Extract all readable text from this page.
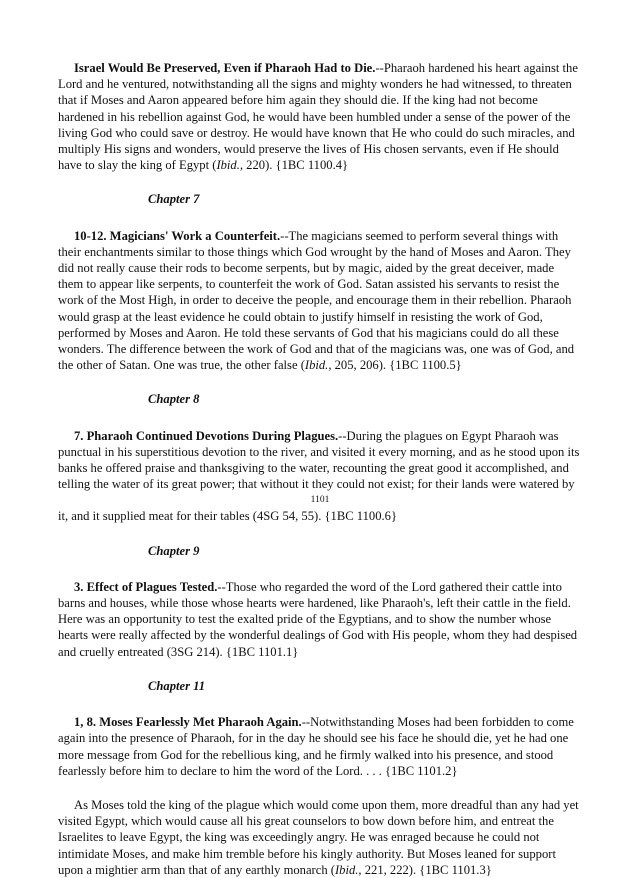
Israel Would Be Preserved, Even if Pharaoh Had to Die.--Pharaoh hardened his heart against the Lord and he ventured, notwithstanding all the signs and mighty wonders he had witnessed, to threaten that if Moses and Aaron appeared before him again they should die. If the king had not become hardened in his rebellion against God, he would have been humbled under a sense of the power of the living God who could save or destroy. He would have known that He who could do such miracles, and multiply His signs and wonders, would preserve the lives of His chosen servants, even if He should have to slay the king of Egypt (Ibid., 220). {1BC 1100.4}

Chapter 7

10-12. Magicians' Work a Counterfeit.--The magicians seemed to perform several things with their enchantments similar to those things which God wrought by the hand of Moses and Aaron. They did not really cause their rods to become serpents, but by magic, aided by the great deceiver, made them to appear like serpents, to counterfeit the work of God. Satan assisted his servants to resist the work of the Most High, in order to deceive the people, and encourage them in their rebellion. Pharaoh would grasp at the least evidence he could obtain to justify himself in resisting the work of God, performed by Moses and Aaron. He told these servants of God that his magicians could do all these wonders. The difference between the work of God and that of the magicians was, one was of God, and the other of Satan. One was true, the other false (Ibid., 205, 206). {1BC 1100.5}

Chapter 8

7. Pharaoh Continued Devotions During Plagues.--During the plagues on Egypt Pharaoh was punctual in his superstitious devotion to the river, and visited it every morning, and as he stood upon its banks he offered praise and thanksgiving to the water, recounting the great good it accomplished, and telling the water of its great power; that without it they could not exist; for their lands were watered by

1101

it, and it supplied meat for their tables (4SG 54, 55). {1BC 1100.6}

Chapter 9

3. Effect of Plagues Tested.--Those who regarded the word of the Lord gathered their cattle into barns and houses, while those whose hearts were hardened, like Pharaoh's, left their cattle in the field. Here was an opportunity to test the exalted pride of the Egyptians, and to show the number whose hearts were really affected by the wonderful dealings of God with His people, whom they had despised and cruelly entreated (3SG 214). {1BC 1101.1}

Chapter 11

1, 8. Moses Fearlessly Met Pharaoh Again.--Notwithstanding Moses had been forbidden to come again into the presence of Pharaoh, for in the day he should see his face he should die, yet he had one more message from God for the rebellious king, and he firmly walked into his presence, and stood fearlessly before him to declare to him the word of the Lord. . . . {1BC 1101.2}

As Moses told the king of the plague which would come upon them, more dreadful than any had yet visited Egypt, which would cause all his great counselors to bow down before him, and entreat the Israelites to leave Egypt, the king was exceedingly angry. He was enraged because he could not intimidate Moses, and make him tremble before his kingly authority. But Moses leaned for support upon a mightier arm than that of any earthly monarch (Ibid., 221, 222). {1BC 1101.3}
